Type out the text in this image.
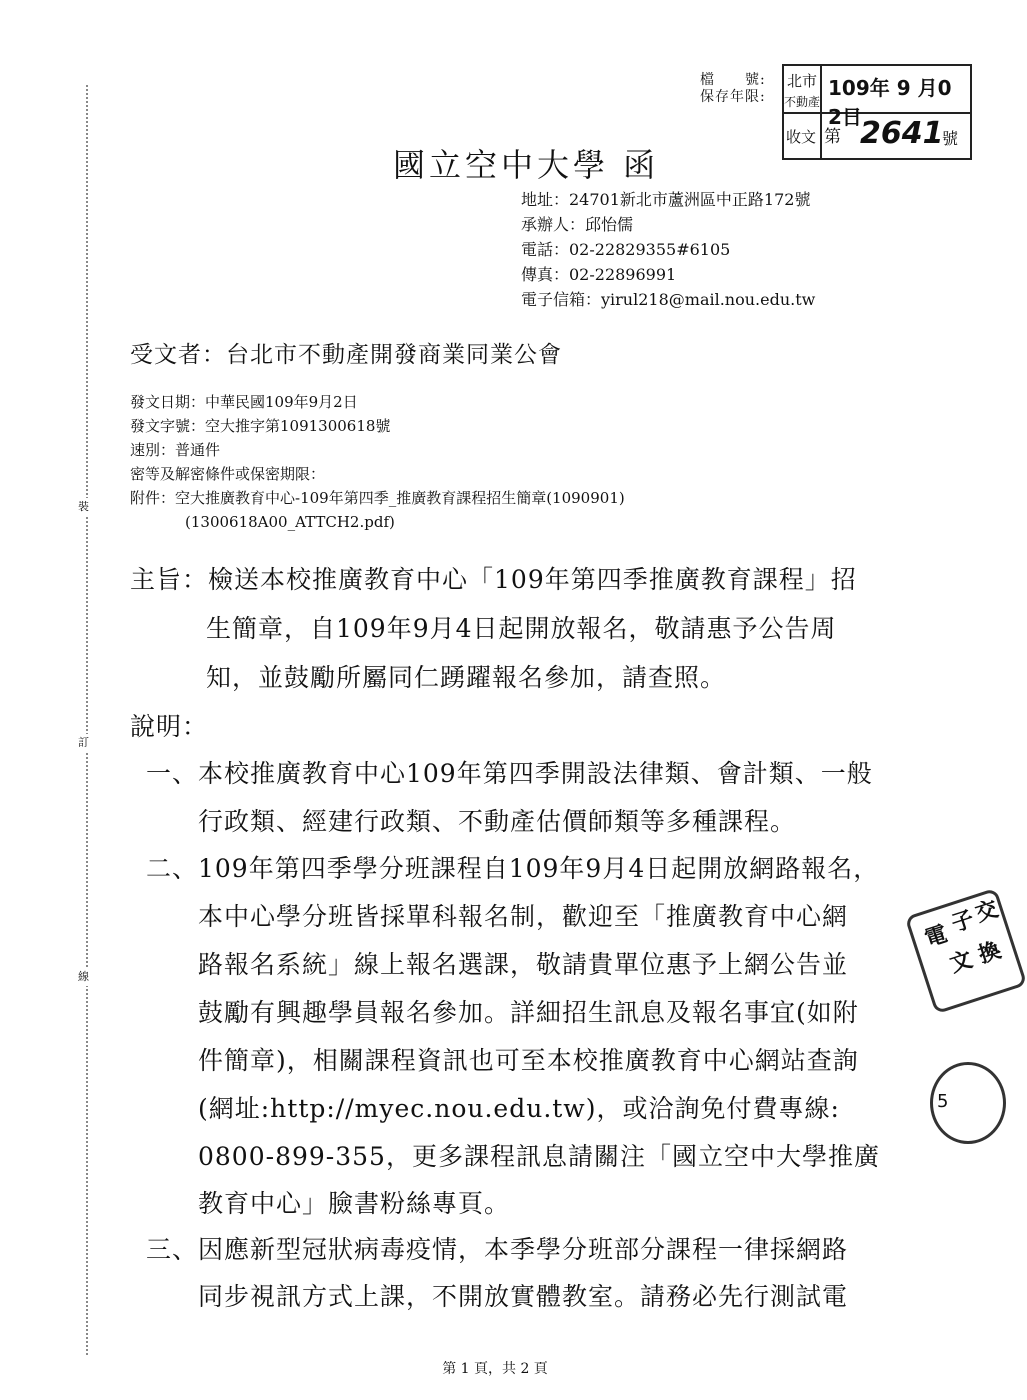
裝
訂
線
檔　　號:
保存年限:
北市
不動產
收文
109年 9 月0 2日
第 2641
號
國立空中大學 函
地址：24701新北市蘆洲區中正路172號
承辦人：邱怡儒
電話：02-22829355#6105
傳真：02-22896991
電子信箱：yirul218@mail.nou.edu.tw
受文者：台北市不動產開發商業同業公會
發文日期：中華民國109年9月2日
發文字號：空大推字第1091300618號
速別：普通件
密等及解密條件或保密期限：
附件：空大推廣教育中心-109年第四季_推廣教育課程招生簡章(1090901)
(1300618A00_ATTCH2.pdf)
主旨：檢送本校推廣教育中心「109年第四季推廣教育課程」招
生簡章，自109年9月4日起開放報名，敬請惠予公告周
知，並鼓勵所屬同仁踴躍報名參加，請查照。
說明：
一、本校推廣教育中心109年第四季開設法律類、會計類、一般
行政類、經建行政類、不動產估價師類等多種課程。
二、109年第四季學分班課程自109年9月4日起開放網路報名，
本中心學分班皆採單科報名制，歡迎至「推廣教育中心網
路報名系統」線上報名選課，敬請貴單位惠予上網公告並
鼓勵有興趣學員報名參加。詳細招生訊息及報名事宜(如附
件簡章)，相關課程資訊也可至本校推廣教育中心網站查詢
(網址:http://myec.nou.edu.tw)，或洽詢免付費專線:
0800-899-355，更多課程訊息請關注「國立空中大學推廣
教育中心」臉書粉絲專頁。
三、因應新型冠狀病毒疫情，本季學分班部分課程一律採網路
同步視訊方式上課，不開放實體教室。請務必先行測試電
電
子
交
文 換
5
第 1 頁，共 2 頁
